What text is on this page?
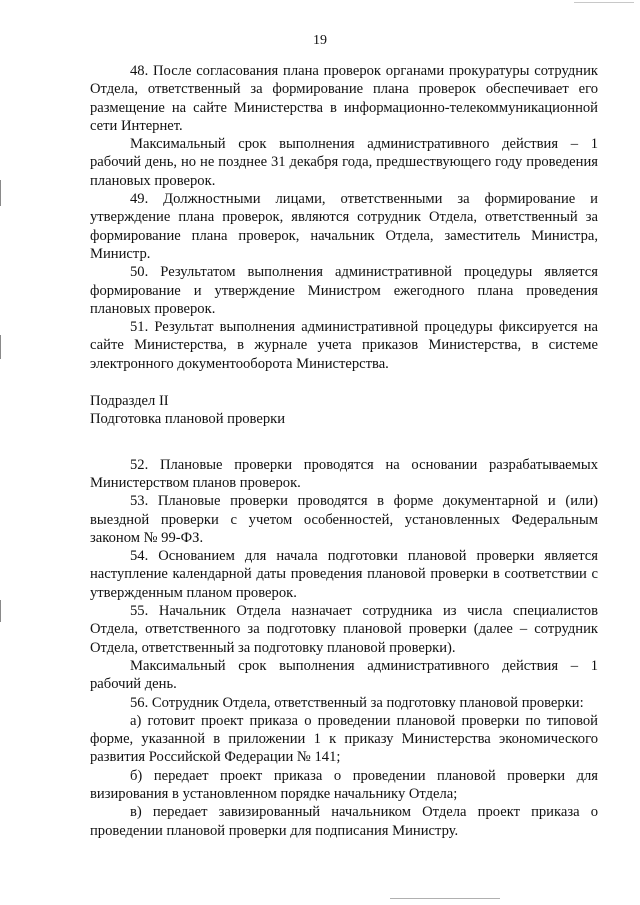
19

48. После согласования плана проверок органами прокуратуры сотрудник Отдела, ответственный за формирование плана проверок обеспечивает его размещение на сайте Министерства в информационно-телекоммуникационной сети Интернет.

Максимальный срок выполнения административного действия – 1 рабочий день, но не позднее 31 декабря года, предшествующего году проведения плановых проверок.

49. Должностными лицами, ответственными за формирование и утверждение плана проверок, являются сотрудник Отдела, ответственный за формирование плана проверок, начальник Отдела, заместитель Министра, Министр.

50. Результатом выполнения административной процедуры является формирование и утверждение Министром ежегодного плана проведения плановых проверок.

51. Результат выполнения административной процедуры фиксируется на сайте Министерства, в журнале учета приказов Министерства, в системе электронного документооборота Министерства.

Подраздел II

Подготовка плановой проверки

52. Плановые проверки проводятся на основании разрабатываемых Министерством планов проверок.

53. Плановые проверки проводятся в форме документарной и (или) выездной проверки с учетом особенностей, установленных Федеральным законом № 99-ФЗ.

54. Основанием для начала подготовки плановой проверки является наступление календарной даты проведения плановой проверки в соответствии с утвержденным планом проверок.

55. Начальник Отдела назначает сотрудника из числа специалистов Отдела, ответственного за подготовку плановой проверки (далее – сотрудник Отдела, ответственный за подготовку плановой проверки).

Максимальный срок выполнения административного действия – 1 рабочий день.

56. Сотрудник Отдела, ответственный за подготовку плановой проверки:

а) готовит проект приказа о проведении плановой проверки по типовой форме, указанной в приложении 1 к приказу Министерства экономического развития Российской Федерации № 141;

б) передает проект приказа о проведении плановой проверки для визирования в установленном порядке начальнику Отдела;

в) передает завизированный начальником Отдела проект приказа о проведении плановой проверки для подписания Министру.
